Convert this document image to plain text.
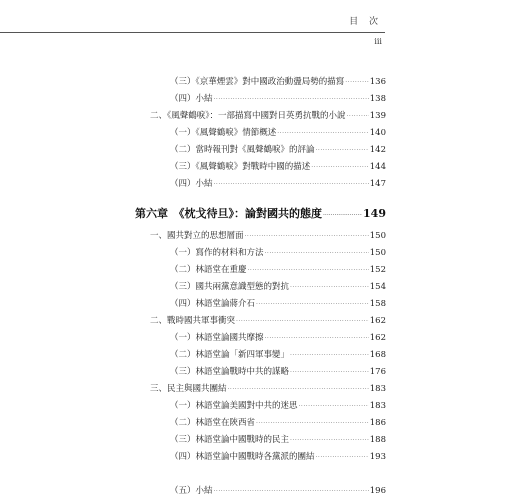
目 次
iii
（三）《京華煙雲》對中國政治動盪局勢的描寫 ·····	136
（四）小結 ·····	138
二、《風聲鶴唳》：一部描寫中國對日英勇抗戰的小說 ·····	139
（一）《風聲鶴唳》情節概述 ·····	140
（二）當時報刊對《風聲鶴唳》的評論 ·····	142
（三）《風聲鶴唳》對戰時中國的描述 ·····	144
（四）小結 ·····	147
第六章　《枕戈待旦》：論對國共的態度 ·····	149
一、國共對立的思想層面 ·····	150
（一）寫作的材料和方法 ·····	150
（二）林語堂在重慶 ·····	152
（三）國共兩黨意識型態的對抗 ·····	154
（四）林語堂論蔣介石 ·····	158
二、戰時國共軍事衝突 ·····	162
（一）林語堂論國共摩擦 ·····	162
（二）林語堂論「新四軍事變」 ·····	168
（三）林語堂論戰時中共的謀略 ·····	176
三、民主與國共團結 ·····	183
（一）林語堂論美國對中共的迷思 ·····	183
（二）林語堂在陝西省 ·····	186
（三）林語堂論中國戰時的民主 ·····	188
（四）林語堂論中國戰時各黨派的團結 ·····	193
（五）小結 ·····	196
